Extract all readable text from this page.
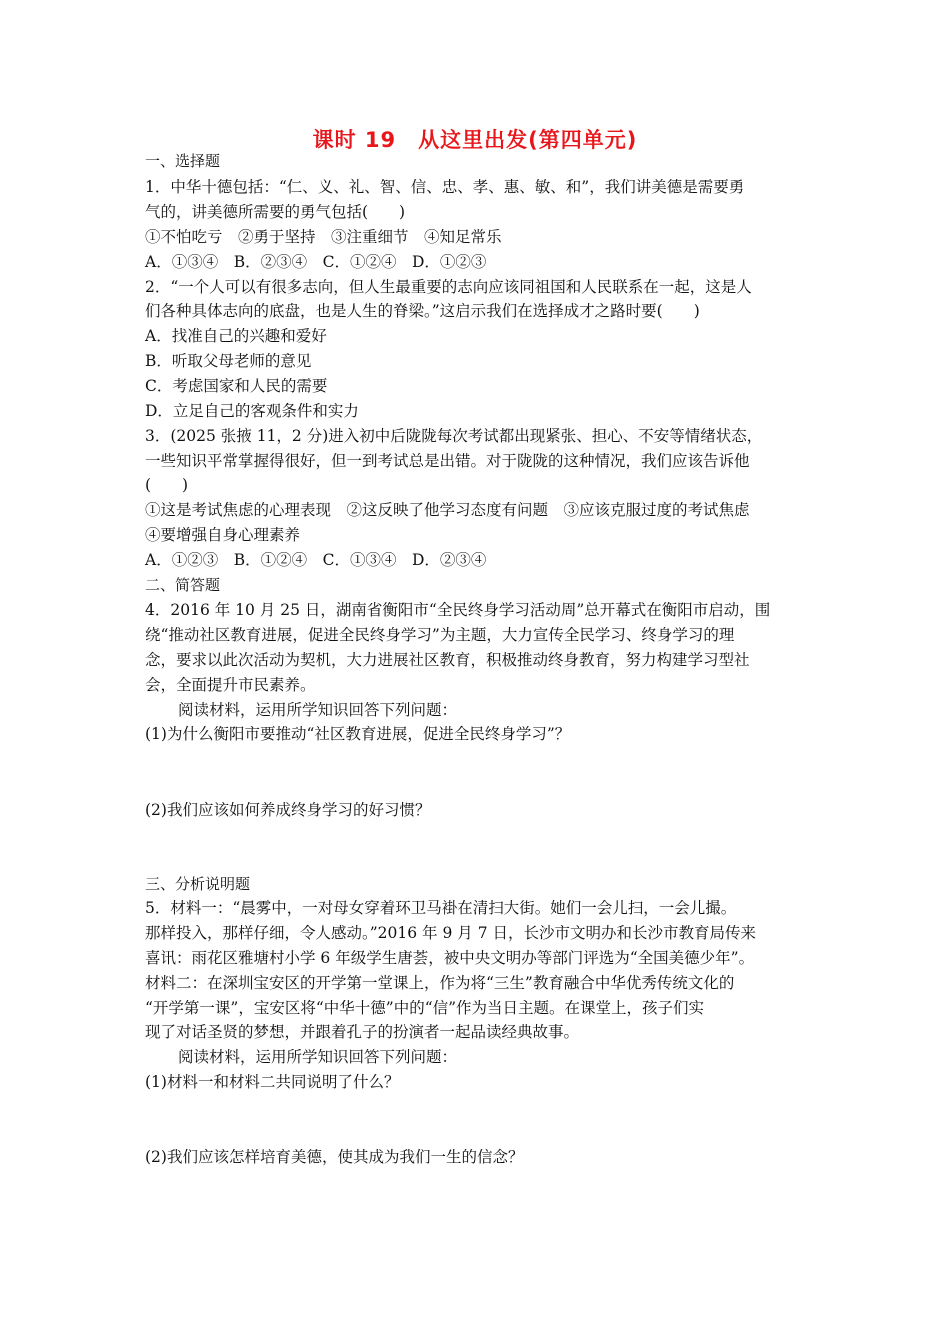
课时 19　从这里出发(第四单元)
一、选择题
1．中华十德包括：“仁、义、礼、智、信、忠、孝、惠、敏、和”，我们讲美德是需要勇
气的，讲美德所需要的勇气包括(　　)
①不怕吃亏　②勇于坚持　③注重细节　④知足常乐
A．①③④　B．②③④　C．①②④　D．①②③
2．“一个人可以有很多志向，但人生最重要的志向应该同祖国和人民联系在一起，这是人
们各种具体志向的底盘，也是人生的脊梁。”这启示我们在选择成才之路时要(　　)
A．找准自己的兴趣和爱好
B．听取父母老师的意见
C．考虑国家和人民的需要
D．立足自己的客观条件和实力
3．(2025 张掖 11，2 分)进入初中后陇陇每次考试都出现紧张、担心、不安等情绪状态，
一些知识平常掌握得很好，但一到考试总是出错。对于陇陇的这种情况，我们应该告诉他
(　　)
①这是考试焦虑的心理表现　②这反映了他学习态度有问题　③应该克服过度的考试焦虑
④要增强自身心理素养
A．①②③　B．①②④　C．①③④　D．②③④
二、简答题
4．2016 年 10 月 25 日，湖南省衡阳市“全民终身学习活动周”总开幕式在衡阳市启动，围
绕“推动社区教育进展，促进全民终身学习”为主题，大力宣传全民学习、终身学习的理
念，要求以此次活动为契机，大力进展社区教育，积极推动终身教育，努力构建学习型社
会，全面提升市民素养。
阅读材料，运用所学知识回答下列问题：
(1)为什么衡阳市要推动“社区教育进展，促进全民终身学习”？
(2)我们应该如何养成终身学习的好习惯？
三、分析说明题
5．材料一：“晨雾中，一对母女穿着环卫马褂在清扫大街。她们一会儿扫，一会儿撮。
那样投入，那样仔细，令人感动。”2016 年 9 月 7 日，长沙市文明办和长沙市教育局传来
喜讯：雨花区雅塘村小学 6 年级学生唐荟，被中央文明办等部门评选为“全国美德少年”。
材料二：在深圳宝安区的开学第一堂课上，作为将“三生”教育融合中华优秀传统文化的
“开学第一课”，宝安区将“中华十德”中的“信”作为当日主题。在课堂上，孩子们实
现了对话圣贤的梦想，并跟着孔子的扮演者一起品读经典故事。
阅读材料，运用所学知识回答下列问题：
(1)材料一和材料二共同说明了什么？
(2)我们应该怎样培育美德，使其成为我们一生的信念？
